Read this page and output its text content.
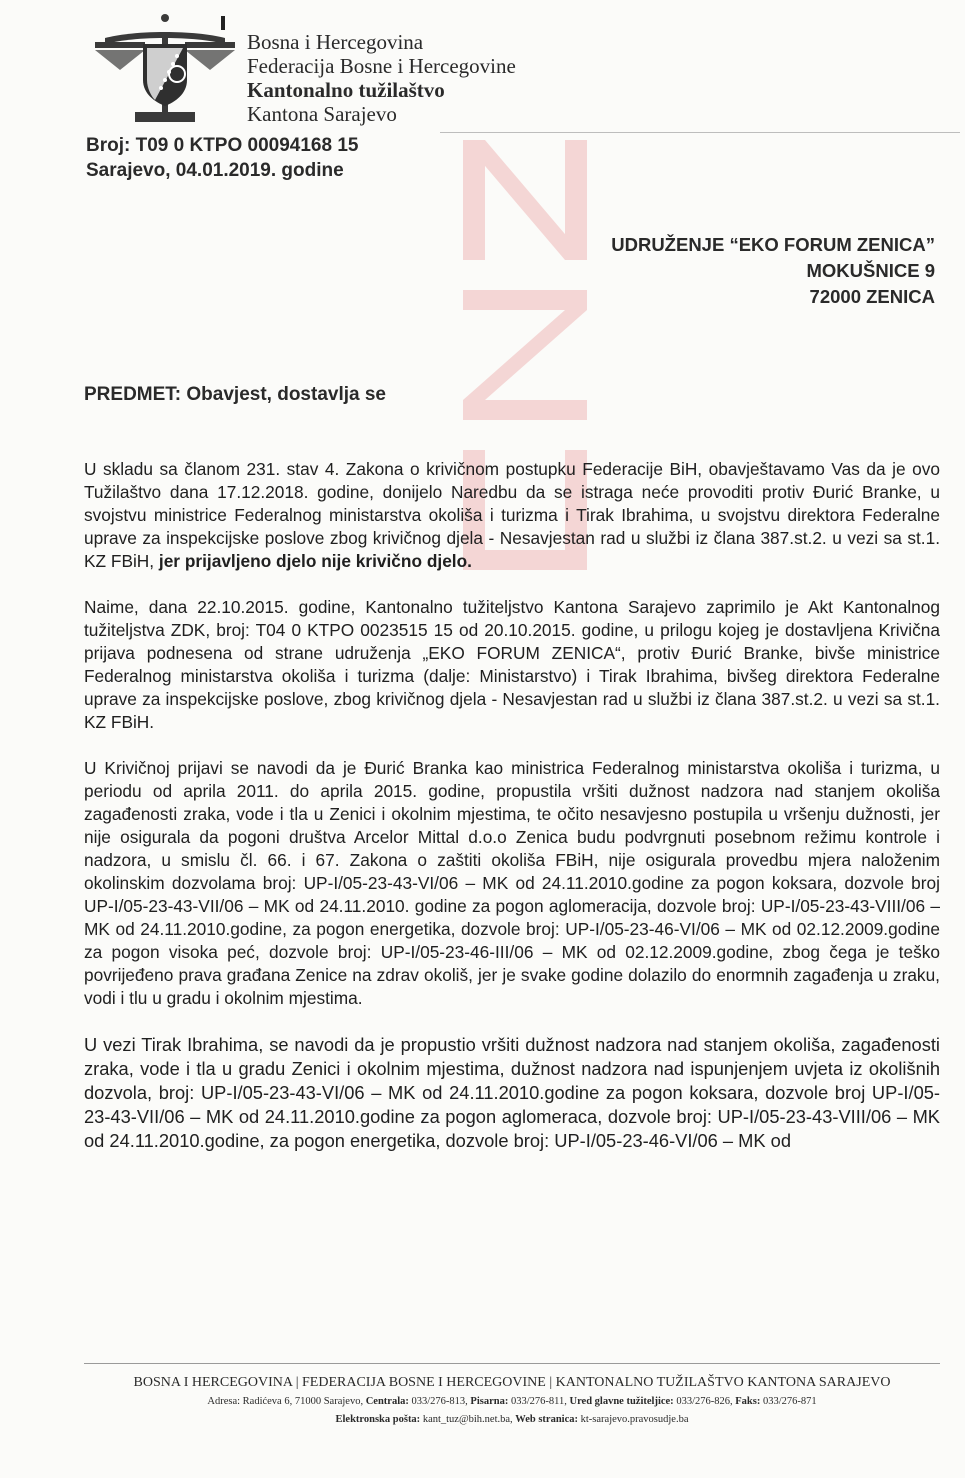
Bosna i Hercegovina
Federacija Bosne i Hercegovine
Kantonalno tužilaštvo
Kantona Sarajevo
Broj: T09 0 KTPO 00094168 15
Sarajevo, 04.01.2019. godine
UDRUŽENJE “EKO FORUM ZENICA”
MOKUŠNICE 9
72000 ZENICA
PREDMET: Obavjest, dostavlja se

U skladu sa članom 231. stav 4. Zakona o krivičnom postupku Federacije BiH, obavještavamo Vas da je ovo Tužilaštvo dana 17.12.2018. godine, donijelo Naredbu da se istraga neće provoditi protiv Đurić Branke, u svojstvu ministrice Federalnog ministarstva okoliša i turizma i Tirak Ibrahima, u svojstvu direktora Federalne uprave za inspekcijske poslove zbog krivičnog djela - Nesavjestan rad u službi iz člana 387.st.2. u vezi sa st.1. KZ FBiH, jer prijavljeno djelo nije krivično djelo.

Naime, dana 22.10.2015. godine, Kantonalno tužiteljstvo Kantona Sarajevo zaprimilo je Akt Kantonalnog tužiteljstva ZDK, broj: T04 0 KTPO 0023515 15 od 20.10.2015. godine, u prilogu kojeg je dostavljena Krivična prijava podnesena od strane udruženja „EKO FORUM ZENICA“, protiv Đurić Branke, bivše ministrice Federalnog ministarstva okoliša i turizma (dalje: Ministarstvo) i Tirak Ibrahima, bivšeg direktora Federalne uprave za inspekcijske poslove, zbog krivičnog djela - Nesavjestan rad u službi iz člana 387.st.2. u vezi sa st.1. KZ FBiH.

U Krivičnoj prijavi se navodi da je Đurić Branka kao ministrica Federalnog ministarstva okoliša i turizma, u periodu od aprila 2011. do aprila 2015. godine, propustila vršiti dužnost nadzora nad stanjem okoliša zagađenosti zraka, vode i tla u Zenici i okolnim mjestima, te očito nesavjesno postupila u vršenju dužnosti, jer nije osigurala da pogoni društva Arcelor Mittal d.o.o Zenica budu podvrgnuti posebnom režimu kontrole i nadzora, u smislu čl. 66. i 67. Zakona o zaštiti okoliša FBiH, nije osigurala provedbu mjera naloženim okolinskim dozvolama broj: UP-I/05-23-43-VI/06 – MK od 24.11.2010.godine za pogon koksara, dozvole broj UP-I/05-23-43-VII/06 – MK od 24.11.2010. godine za pogon aglomeracija, dozvole broj: UP-I/05-23-43-VIII/06 – MK od 24.11.2010.godine, za pogon energetika, dozvole broj: UP-I/05-23-46-VI/06 – MK od 02.12.2009.godine za pogon visoka peć, dozvole broj: UP-I/05-23-46-III/06 – MK od 02.12.2009.godine, zbog čega je teško povrijeđeno prava građana Zenice na zdrav okoliš, jer je svake godine dolazilo do enormnih zagađenja u zraku, vodi i tlu u gradu i okolnim mjestima.

U vezi Tirak Ibrahima, se navodi da je propustio vršiti dužnost nadzora nad stanjem okoliša, zagađenosti zraka, vode i tla u gradu Zenici i okolnim mjestima, dužnost nadzora nad ispunjenjem uvjeta iz okolišnih dozvola, broj: UP-I/05-23-43-VI/06 – MK od 24.11.2010.godine za pogon koksara, dozvole broj UP-I/05-23-43-VII/06 – MK od 24.11.2010.godine za pogon aglomeraca, dozvole broj: UP-I/05-23-43-VIII/06 – MK od 24.11.2010.godine, za pogon energetika, dozvole broj: UP-I/05-23-46-VI/06 – MK od

BOSNA I HERCEGOVINA | FEDERACIJA BOSNE I HERCEGOVINE | KANTONALNO TUŽILAŠTVO KANTONA SARAJEVO
Adresa: Radićeva 6, 71000 Sarajevo, Centrala: 033/276-813, Pisarna: 033/276-811, Ured glavne tužiteljice: 033/276-826, Faks: 033/276-871
Elektronska pošta: kant_tuz@bih.net.ba, Web stranica: kt-sarajevo.pravosudje.ba
